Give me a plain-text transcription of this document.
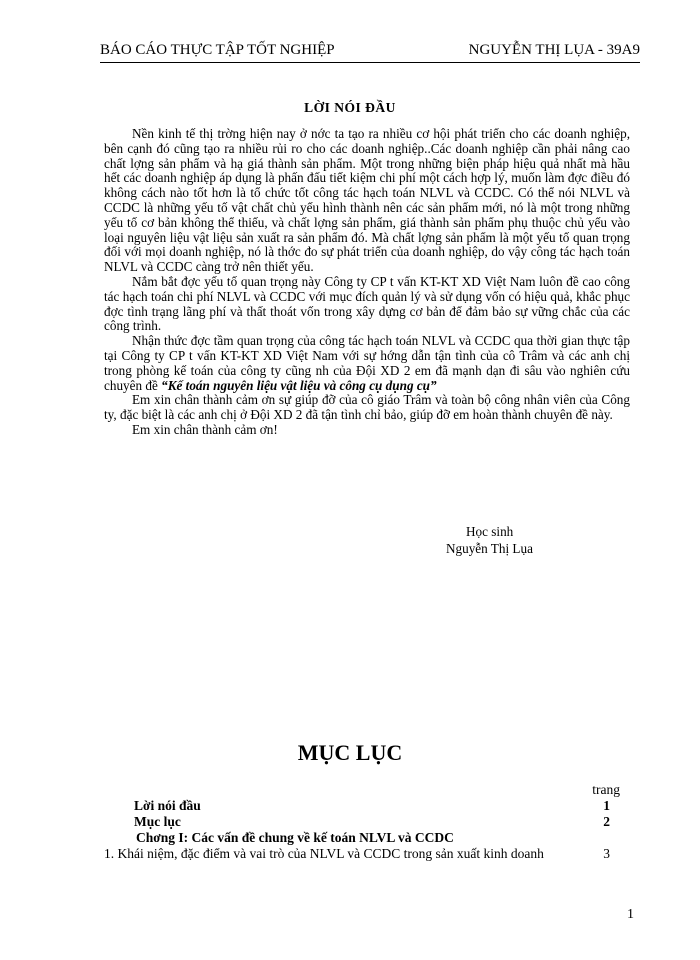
BÁO CÁO THỰC TẬP TỐT NGHIỆP	NGUYỄN THỊ LỤA - 39A9
LỜI NÓI ĐẦU

Nền kinh tế thị trờng hiện nay ở nớc ta tạo ra nhiều cơ hội phát triển cho các doanh nghiệp, bên cạnh đó cũng tạo ra nhiều rủi ro cho các doanh nghiệp..Các doanh nghiệp cần phải nâng cao chất lợng sản phẩm và hạ giá thành sản phẩm. Một trong những biện pháp hiệu quả nhất mà hầu hết các doanh nghiệp áp dụng là phấn đấu tiết kiệm chi phí một cách hợp lý, muốn làm đợc điều đó không cách nào tốt hơn là tổ chức tốt công tác hạch toán NLVL và CCDC. Có thể nói NLVL và CCDC là những yếu tố vật chất chủ yếu hình thành nên các sản phẩm mới, nó là một trong những yếu tố cơ bản không thể thiếu, và chất lợng sản phẩm, giá thành sản phẩm phụ thuộc chủ yếu vào loại nguyên liệu vật liệu sản xuất ra sản phẩm đó. Mà chất lợng sản phẩm là một yếu tố quan trọng đối với mọi doanh nghiệp, nó là thớc đo sự phát triển của doanh nghiệp, do vậy công tác hạch toán NLVL và CCDC càng trở nên thiết yếu.

Nắm bắt đợc yếu tố quan trọng này Công ty CP t vấn KT-KT XD Việt Nam luôn đề cao công tác hạch toán chi phí NLVL và CCDC với mục đích quản lý và sử dụng vốn có hiệu quả, khắc phục đợc tình trạng lãng phí và thất thoát vốn trong xây dựng cơ bản để đảm bảo sự vững chắc của các công trình.

Nhận thức đợc tầm quan trọng của công tác hạch toán NLVL và CCDC qua thời gian thực tập tại Công ty CP t vấn KT-KT XD Việt Nam với sự hớng dẫn tận tình của cô Trâm và các anh chị trong phòng kế toán của công ty cũng nh của Đội XD 2 em đã mạnh dạn đi sâu vào nghiên cứu chuyên đề “Kế toán nguyên liệu vật liệu và công cụ dụng cụ”

Em xin chân thành cảm ơn sự giúp đỡ của cô giáo Trâm và toàn bộ công nhân viên của Công ty, đặc biệt là các anh chị ở Đội XD 2 đã tận tình chỉ bảo, giúp đỡ em hoàn thành chuyên đề này.

Em xin chân thành cảm ơn!

Học sinh
Nguyễn Thị Lụa
MỤC LỤC
trang
Lời nói đầu	1
Mục lục	2
Chơng I: Các vấn đề chung về kế toán NLVL và CCDC
1. Khái niệm, đặc điểm và vai trò của NLVL và CCDC trong sản xuất kinh doanh	3
1
